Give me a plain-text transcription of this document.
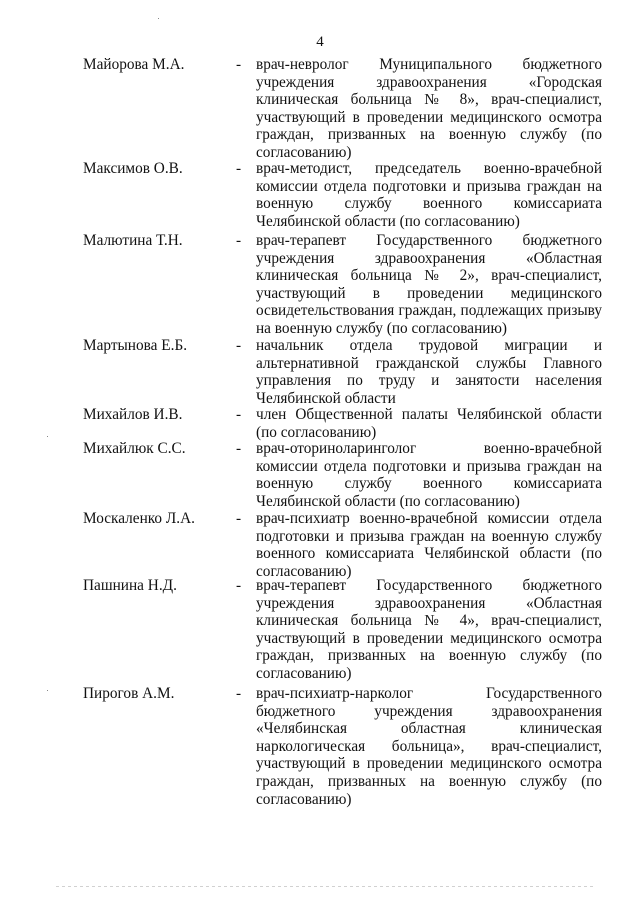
4
Майорова М.А.	- врач-невролог Муниципального бюджетного учреждения здравоохранения «Городская клиническая больница № 8», врач-специалист, участвующий в проведении медицинского осмотра граждан, призванных на военную службу (по согласованию)
Максимов О.В.	- врач-методист, председатель военно-врачебной комиссии отдела подготовки и призыва граждан на военную службу военного комиссариата Челябинской области (по согласованию)
Малютина Т.Н.	- врач-терапевт Государственного бюджетного учреждения здравоохранения «Областная клиническая больница № 2», врач-специалист, участвующий в проведении медицинского освидетельствования граждан, подлежащих призыву на военную службу (по согласованию)
Мартынова Е.Б.	- начальник отдела трудовой миграции и альтернативной гражданской службы Главного управления по труду и занятости населения Челябинской области
Михайлов И.В.	- член Общественной палаты Челябинской области (по согласованию)
Михайлюк С.С.	- врач-оториноларинголог военно-врачебной комиссии отдела подготовки и призыва граждан на военную службу военного комиссариата Челябинской области (по согласованию)
Москаленко Л.А.	- врач-психиатр военно-врачебной комиссии отдела подготовки и призыва граждан на военную службу военного комиссариата Челябинской области (по согласованию)
Пашнина Н.Д.	- врач-терапевт Государственного бюджетного учреждения здравоохранения «Областная клиническая больница № 4», врач-специалист, участвующий в проведении медицинского осмотра граждан, призванных на военную службу (по согласованию)
Пирогов А.М.	- врач-психиатр-нарколог Государственного бюджетного учреждения здравоохранения «Челябинская областная клиническая наркологическая больница», врач-специалист, участвующий в проведении медицинского осмотра граждан, призванных на военную службу (по согласованию)
